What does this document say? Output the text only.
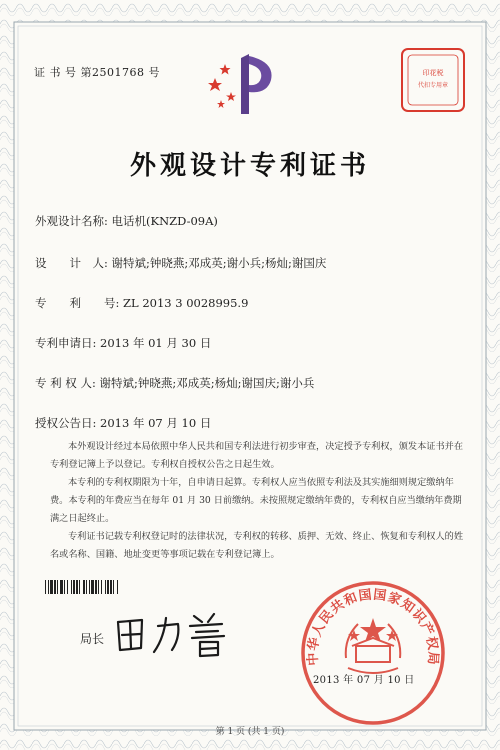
证 书 号 第2501768 号	印花税
代扣专用章
外观设计专利证书
外观设计名称: 电话机(KNZD-09A)
设　　计　人: 谢特斌;钟晓燕;邓成英;谢小兵;杨灿;谢国庆
专　　利　　号: ZL 2013 3 0028995.9
专利申请日: 2013 年 01 月 30 日
专 利 权 人: 谢特斌;钟晓燕;邓成英;杨灿;谢国庆;谢小兵
授权公告日: 2013 年 07 月 10 日

本外观设计经过本局依照中华人民共和国专利法进行初步审查，决定授予专利权，颁发本证书并在专利登记簿上予以登记。专利权自授权公告之日起生效。

本专利的专利权期限为十年，自申请日起算。专利权人应当依照专利法及其实施细则规定缴纳年费。本专利的年费应当在每年 01 月 30 日前缴纳。未按照规定缴纳年费的，专利权自应当缴纳年费期满之日起终止。

专利证书记载专利权登记时的法律状况，专利权的转移、质押、无效、终止、恢复和专利权人的姓名或名称、国籍、地址变更等事项记载在专利登记簿上。

局长
中华人民共和国国家知识产权局
2013 年 07 月 10 日
第 1 页 (共 1 页)
